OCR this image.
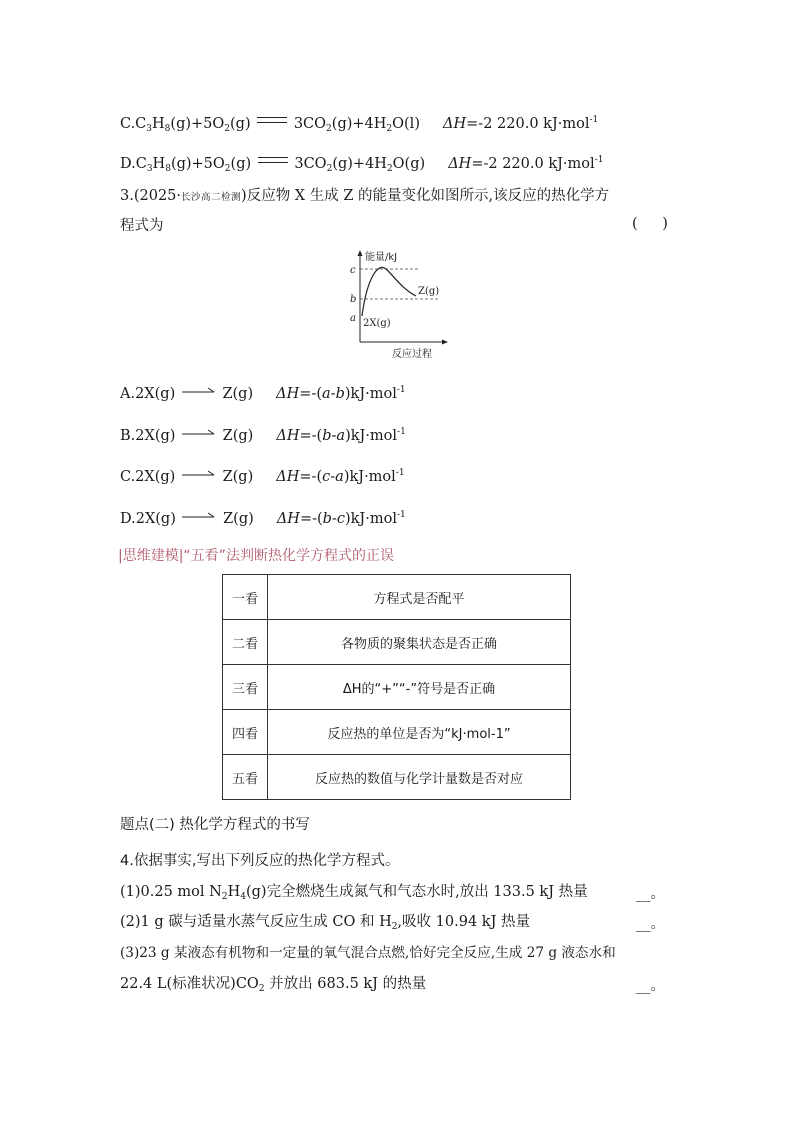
$C.C_3H_8(g)+5O_2(g)$	$3CO_2(g)+4H_2O(l)$ ΔH=-2 220.0 kJ·mol$^{-1}$
$D.C_3H_8(g)+5O_2(g)$	$3CO_2(g)+4H_2O(g)$ ΔH=-2 220.0 kJ·mol$^{-1}$
3.(2025·长沙高二检测)反应物 X 生成 Z 的能量变化如图所示,该反应的热化学方
程式为	( )
能量/kJ
c
b
a
Z(g)
2X(g)
反应过程
A.2X(g)	Z(g) ΔH=-(a-b)kJ·mol$^{-1}$
B.2X(g)	Z(g) ΔH=-(b-a)kJ·mol$^{-1}$
C.2X(g)	Z(g) ΔH=-(c-a)kJ·mol$^{-1}$
D.2X(g)	Z(g) ΔH=-(b-c)kJ·mol$^{-1}$
|思维建模|“五看”法判断热化学方程式的正误
一看	方程式是否配平
二看	各物质的聚集状态是否正确
三看	ΔH的“+”“-”符号是否正确
四看	反应热的单位是否为“kJ·mol-1”
五看	反应热的数值与化学计量数是否对应
题点(二) 热化学方程式的书写
4.依据事实,写出下列反应的热化学方程式。
(1)0.25 mol $N_2H_4(g)$完全燃烧生成氮气和气态水时,放出 133.5 kJ 热量	__。
(2)1 g 碳与适量水蒸气反应生成 CO 和 $H_2$,吸收 10.94 kJ 热量	__。
(3)23 g 某液态有机物和一定量的氧气混合点燃,恰好完全反应,生成 27 g 液态水和
22.4 L(标准状况)$CO_2$ 并放出 683.5 kJ 的热量	__。
